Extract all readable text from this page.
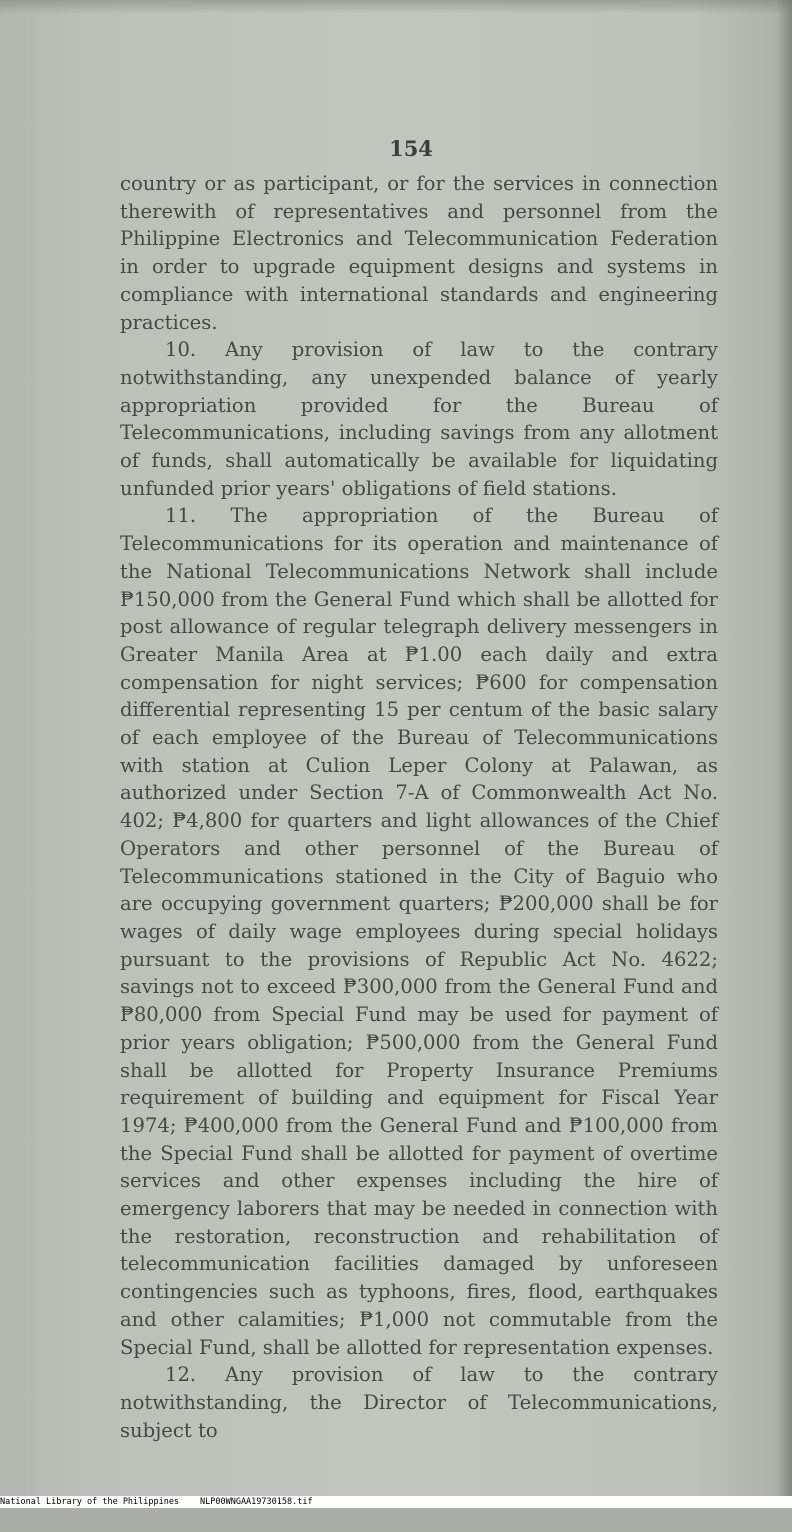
154

country or as participant, or for the services in connection therewith of representatives and personnel from the Philippine Electronics and Telecommunication Federation in order to upgrade equipment designs and systems in compliance with international standards and engineering practices.

10. Any provision of law to the contrary notwithstanding, any unexpended balance of yearly appropriation provided for the Bureau of Telecommunications, including savings from any allotment of funds, shall automatically be available for liquidating unfunded prior years' obligations of field stations.

11. The appropriation of the Bureau of Telecommunications for its operation and maintenance of the National Telecommunications Network shall include ₱150,000 from the General Fund which shall be allotted for post allowance of regular telegraph delivery messengers in Greater Manila Area at ₱1.00 each daily and extra compensation for night services; ₱600 for compensation differential representing 15 per centum of the basic salary of each employee of the Bureau of Telecommunications with station at Culion Leper Colony at Palawan, as authorized under Section 7-A of Commonwealth Act No. 402; ₱4,800 for quarters and light allowances of the Chief Operators and other personnel of the Bureau of Telecommunications stationed in the City of Baguio who are occupying government quarters; ₱200,000 shall be for wages of daily wage employees during special holidays pursuant to the provisions of Republic Act No. 4622; savings not to exceed ₱300,000 from the General Fund and ₱80,000 from Special Fund may be used for payment of prior years obligation; ₱500,000 from the General Fund shall be allotted for Property Insurance Premiums requirement of building and equipment for Fiscal Year 1974; ₱400,000 from the General Fund and ₱100,000 from the Special Fund shall be allotted for payment of overtime services and other expenses including the hire of emergency laborers that may be needed in connection with the restoration, reconstruction and rehabilitation of telecommunication facilities damaged by unforeseen contingencies such as typhoons, fires, flood, earthquakes and other calamities; ₱1,000 not commutable from the Special Fund, shall be allotted for representation expenses.

12. Any provision of law to the contrary notwithstanding, the Director of Telecommunications, subject to

National Library of the Philippines

NLP00WNGAA19730158.tif
